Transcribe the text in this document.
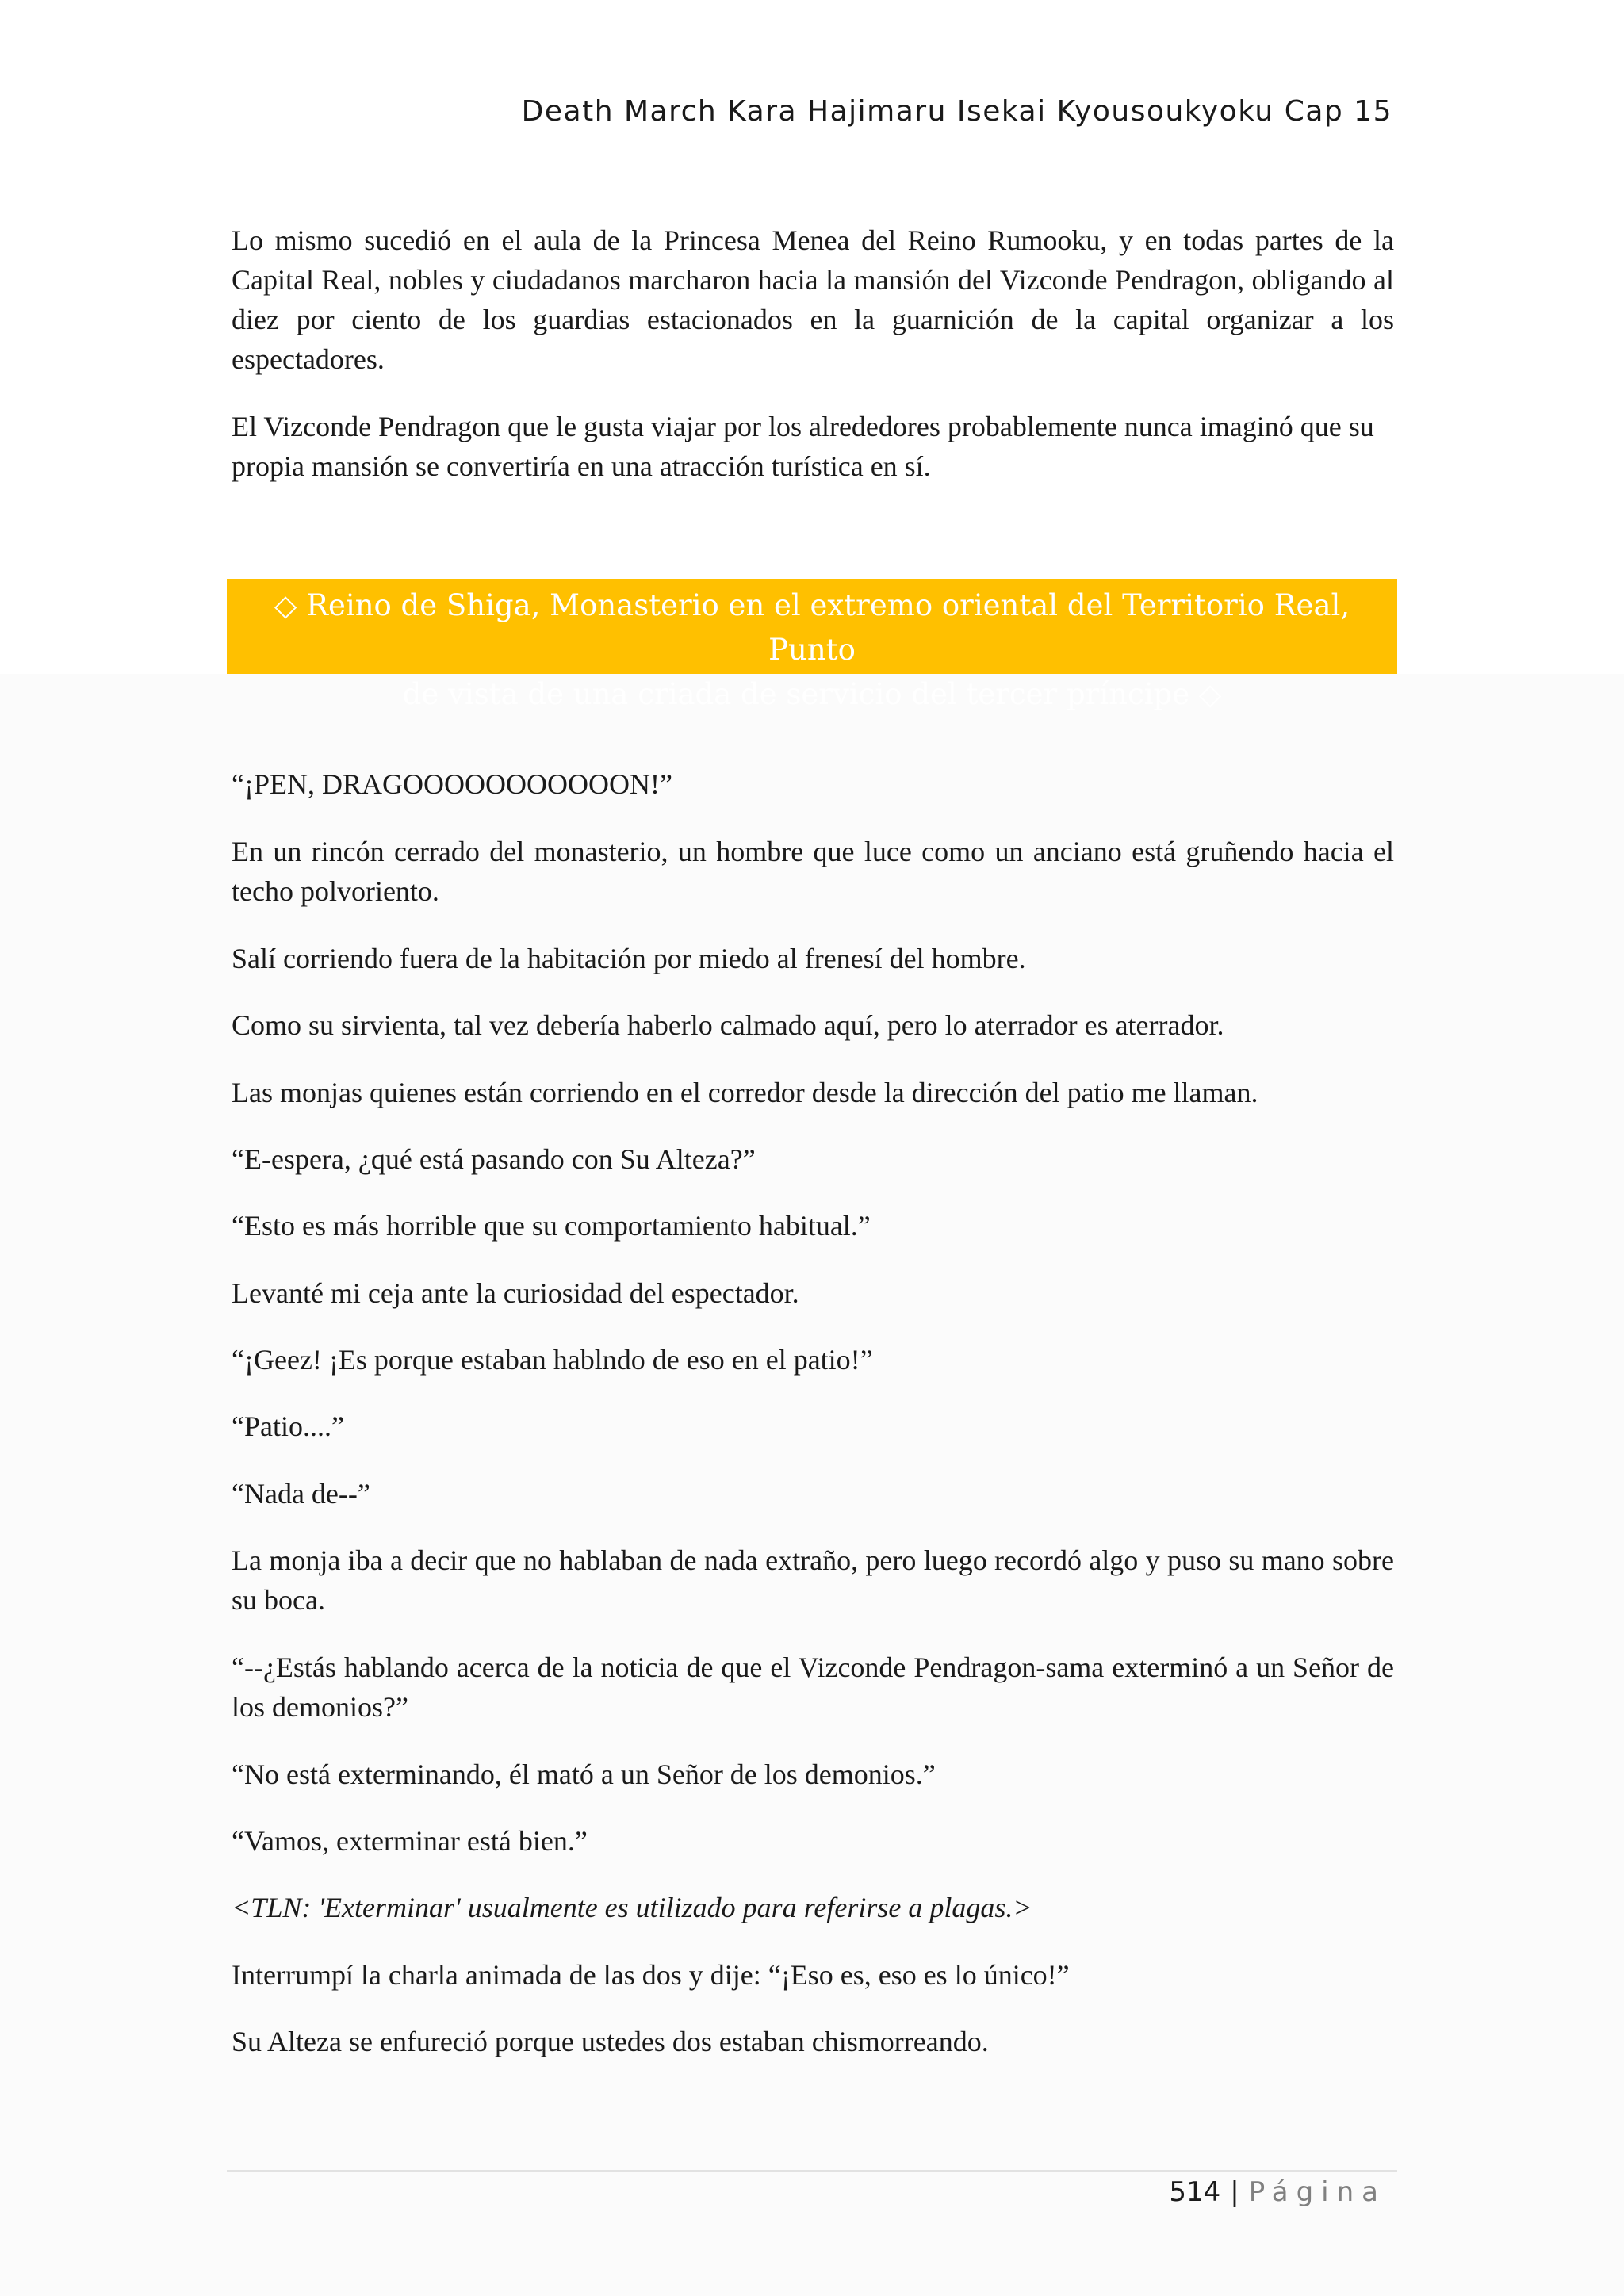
Death March Kara Hajimaru Isekai Kyousoukyoku Cap 15

Lo mismo sucedió en el aula de la Princesa Menea del Reino Rumooku, y en todas partes de la Capital Real, nobles y ciudadanos marcharon hacia la mansión del Vizconde Pendragon, obligando al diez por ciento de los guardias estacionados en la guarnición de la capital organizar a los espectadores.

El Vizconde Pendragon que le gusta viajar por los alrededores probablemente nunca imaginó que su propia mansión se convertiría en una atracción turística en sí.

◇ Reino de Shiga, Monasterio en el extremo oriental del Territorio Real, Punto
de vista de una criada de servicio del tercer príncipe ◇

“¡PEN, DRAGOOOOOOOOOOON!”

En un rincón cerrado del monasterio, un hombre que luce como un anciano está gruñendo hacia el techo polvoriento.

Salí corriendo fuera de la habitación por miedo al frenesí del hombre.

Como su sirvienta, tal vez debería haberlo calmado aquí, pero lo aterrador es aterrador.

Las monjas quienes están corriendo en el corredor desde la dirección del patio me llaman.

“E-espera, ¿qué está pasando con Su Alteza?”

“Esto es más horrible que su comportamiento habitual.”

Levanté mi ceja ante la curiosidad del espectador.

“¡Geez! ¡Es porque estaban hablndo de eso en el patio!”

“Patio....”

“Nada de--”

La monja iba a decir que no hablaban de nada extraño, pero luego recordó algo y puso su mano sobre su boca.

“--¿Estás hablando acerca de la noticia de que el Vizconde Pendragon-sama exterminó a un Señor de los demonios?”

“No está exterminando, él mató a un Señor de los demonios.”

“Vamos, exterminar está bien.”

<TLN: 'Exterminar' usualmente es utilizado para referirse a plagas.>

Interrumpí la charla animada de las dos y dije: “¡Eso es, eso es lo único!”

Su Alteza se enfureció porque ustedes dos estaban chismorreando.

514 | Página
